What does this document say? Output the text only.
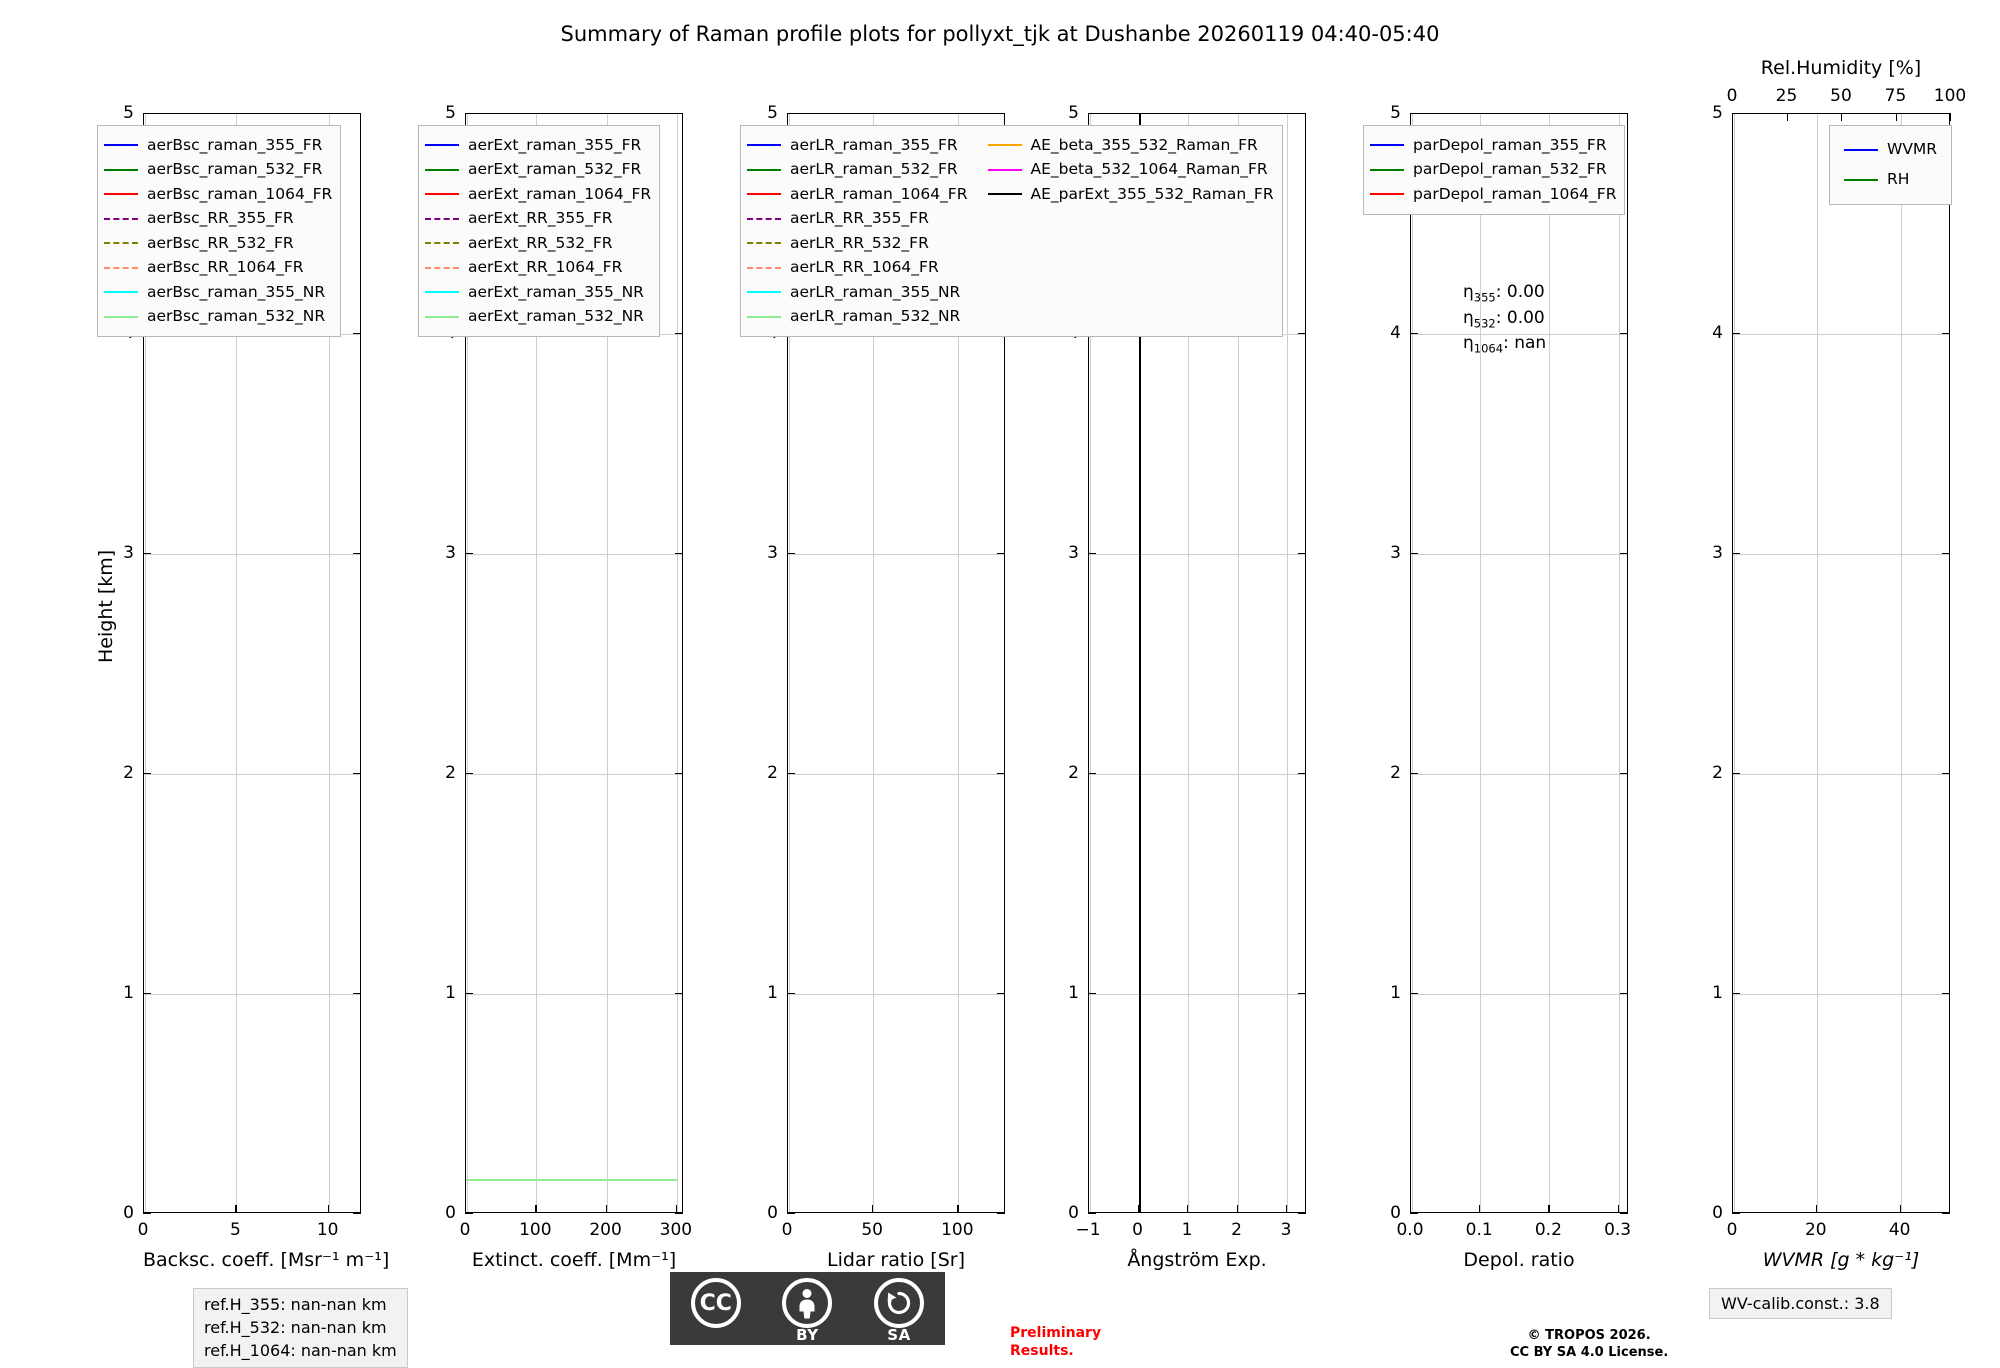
Summary of Raman profile plots for pollyxt_tjk at Dushanbe 20260119 04:40-05:40
Height [km]
0
1
2
3
5
0	5	10
Backsc. coeff. [Msr⁻¹ m⁻¹]
aerBsc_raman_355_FR
aerBsc_raman_532_FR
aerBsc_raman_1064_FR
aerBsc_RR_355_FR
aerBsc_RR_532_FR
aerBsc_RR_1064_FR
aerBsc_raman_355_NR
aerBsc_raman_532_NR
0
1
2
3
5
0	100 200 300
Extinct. coeff. [Mm⁻¹]
aerExt_raman_355_FR
aerExt_raman_532_FR
aerExt_raman_1064_FR
aerExt_RR_355_FR
aerExt_RR_532_FR
aerExt_RR_1064_FR
aerExt_raman_355_NR
aerExt_raman_532_NR
0
1
2
3
5
0	50	100
Lidar ratio [Sr]
aerLR_raman_355_FR
aerLR_raman_532_FR
aerLR_raman_1064_FR
aerLR_RR_355_FR
aerLR_RR_532_FR
aerLR_RR_1064_FR
aerLR_raman_355_NR
aerLR_raman_532_NR
AE_beta_355_532_Raman_FR
AE_beta_532_1064_Raman_FR
AE_parExt_355_532_Raman_FR
0
1
2
3
5
−1 0 1 2 3
Ångström Exp.
0
1
2
3
4
5
0.0 0.1 0.2 0.3
Depol. ratio
parDepol_raman_355_FR
parDepol_raman_532_FR
parDepol_raman_1064_FR
$\eta_{355}$: 0.00
$\eta_{532}$: 0.00
$\eta_{1064}$: nan
0
1
2
3
4
5
0	20	40
0 25 50 75 100
WVMR [g * kg⁻¹]
Rel.Humidity [%]
WVMR
RH
ref.H_355: nan-nan km
ref.H_532: nan-nan km
ref.H_1064: nan-nan km
WV-calib.const.: 3.8
Preliminary
Results.
© TROPOS 2026.
CC BY SA 4.0 License.
CC
BY	SA
